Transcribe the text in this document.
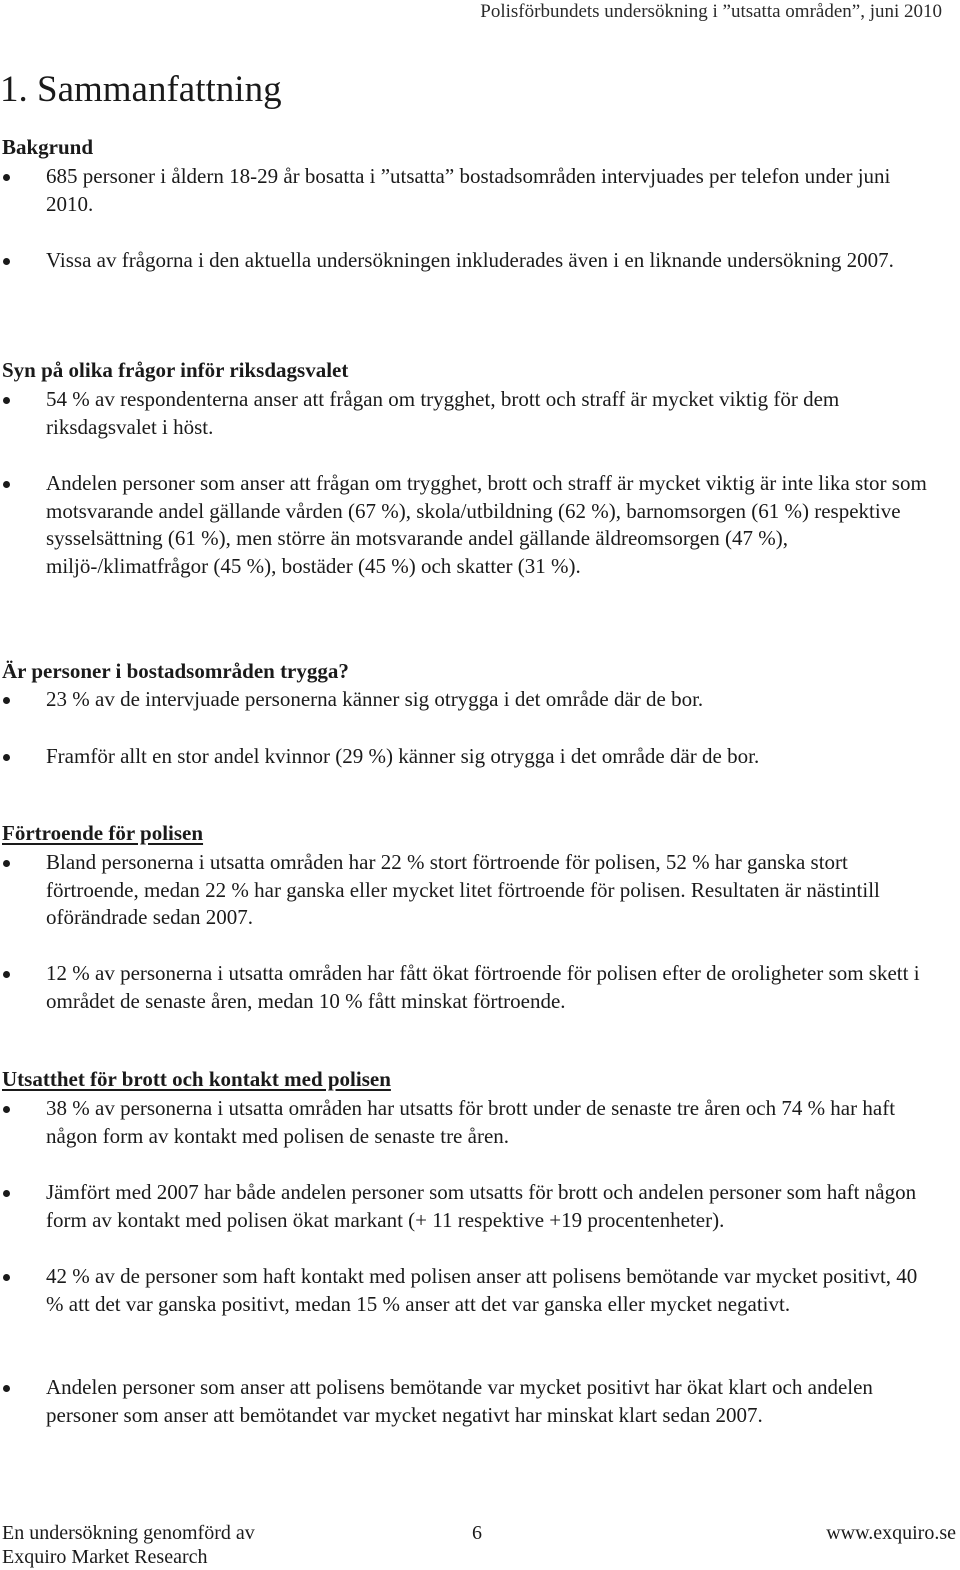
Polisförbundets undersökning i ”utsatta områden”, juni 2010
1. Sammanfattning
Bakgrund
685 personer i åldern 18-29 år bosatta i ”utsatta” bostadsområden intervjuades per telefon under juni 2010.
Vissa av frågorna i den aktuella undersökningen inkluderades även i en liknande undersökning 2007.
Syn på olika frågor inför riksdagsvalet
54 % av respondenterna anser att frågan om trygghet, brott och straff är mycket viktig för dem riksdagsvalet i höst.
Andelen personer som anser att frågan om trygghet, brott och straff är mycket viktig är inte lika stor som motsvarande andel gällande vården (67 %), skola/utbildning (62 %), barnomsorgen (61 %) respektive sysselsättning (61 %), men större än motsvarande andel gällande äldreomsorgen (47 %), miljö-/klimatfrågor (45 %), bostäder (45 %) och skatter (31 %).
Är personer i bostadsområden trygga?
23 % av de intervjuade personerna känner sig otrygga i det område där de bor.
Framför allt en stor andel kvinnor (29 %) känner sig otrygga i det område där de bor.
Förtroende för polisen
Bland personerna i utsatta områden har 22 % stort förtroende för polisen, 52 % har ganska stort förtroende, medan 22 % har ganska eller mycket litet förtroende för polisen. Resultaten är nästintill oförändrade sedan 2007.
12 % av personerna i utsatta områden har fått ökat förtroende för polisen efter de oroligheter som skett i området de senaste åren, medan 10 % fått minskat förtroende.
Utsatthet för brott och kontakt med polisen
38 % av personerna i utsatta områden har utsatts för brott under de senaste tre åren och 74 % har haft någon form av kontakt med polisen de senaste tre åren.
Jämfört med 2007 har både andelen personer som utsatts för brott och andelen personer som haft någon form av kontakt med polisen ökat markant (+ 11 respektive +19 procentenheter).
42 % av de personer som haft kontakt med polisen anser att polisens bemötande var mycket positivt, 40 % att det var ganska positivt, medan 15 % anser att det var ganska eller mycket negativt.
Andelen personer som anser att polisens bemötande var mycket positivt har ökat klart och andelen personer som anser att bemötandet var mycket negativt har minskat klart sedan 2007.
En undersökning genomförd av
Exquiro Market Research
6	www.exquiro.se
